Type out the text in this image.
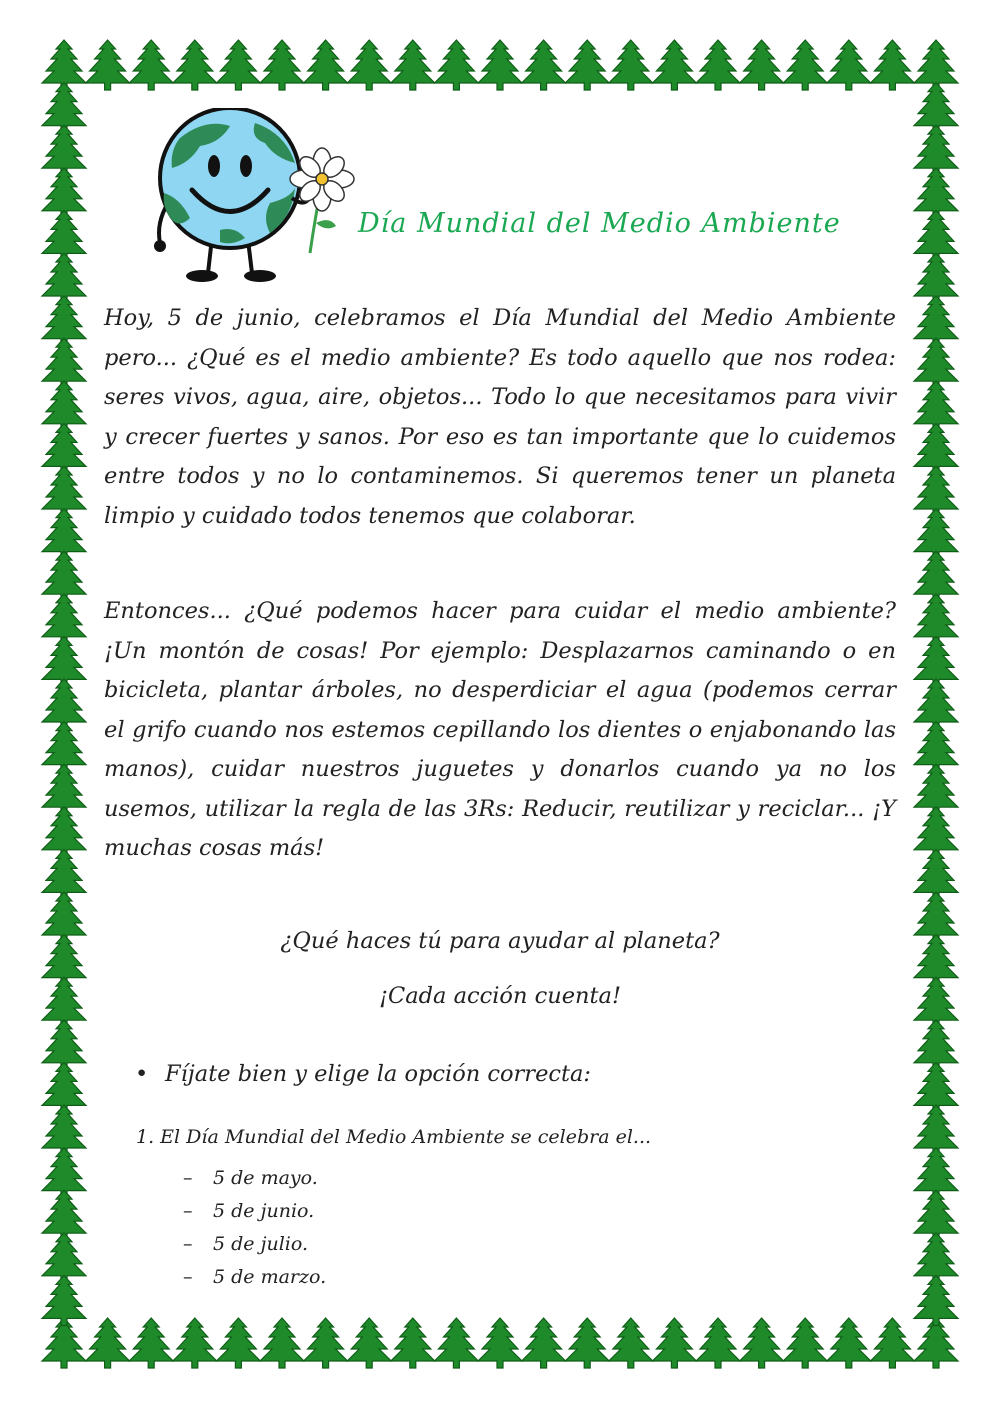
Día Mundial del Medio Ambiente

Hoy, 5 de junio, celebramos el Día Mundial del Medio Ambiente pero... ¿Qué es el medio ambiente? Es todo aquello que nos rodea: seres vivos, agua, aire, objetos... Todo lo que necesitamos para vivir y crecer fuertes y sanos. Por eso es tan importante que lo cuidemos entre todos y no lo contaminemos. Si queremos tener un planeta limpio y cuidado todos tenemos que colaborar.

Entonces... ¿Qué podemos hacer para cuidar el medio ambiente? ¡Un montón de cosas! Por ejemplo: Desplazarnos caminando o en bicicleta, plantar árboles, no desperdiciar el agua (podemos cerrar el grifo cuando nos estemos cepillando los dientes o enjabonando las manos), cuidar nuestros juguetes y donarlos cuando ya no los usemos, utilizar la regla de las 3Rs: Reducir, reutilizar y reciclar... ¡Y muchas cosas más!

¿Qué haces tú para ayudar al planeta?

¡Cada acción cuenta!

• Fíjate bien y elige la opción correcta:

1. El Día Mundial del Medio Ambiente se celebra el...

– 5 de mayo.
– 5 de junio.
– 5 de julio.
– 5 de marzo.
